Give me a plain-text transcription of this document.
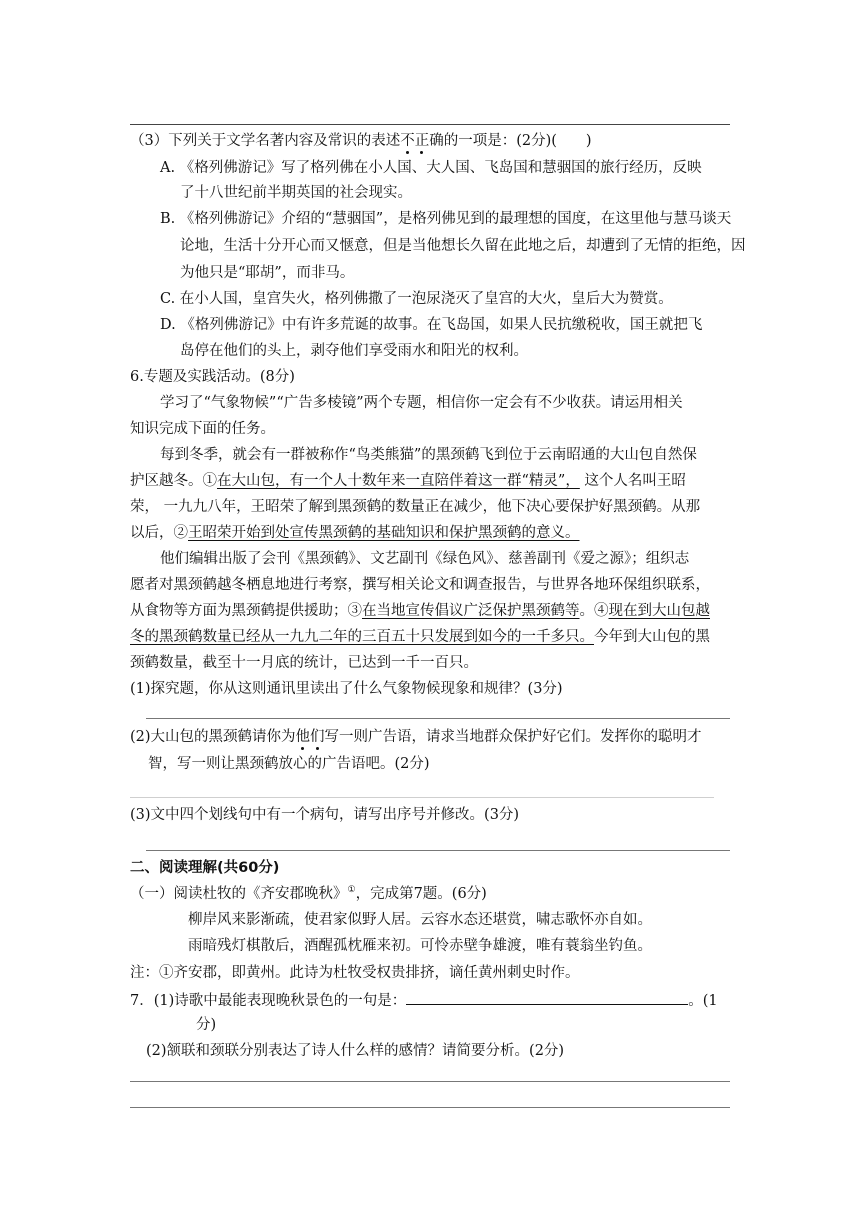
（3）下列关于文学名著内容及常识的表述不正确的一项是：(2分)(　　)
A. 《格列佛游记》写了格列佛在小人国、大人国、飞岛国和慧骃国的旅行经历，反映
了十八世纪前半期英国的社会现实。
B. 《格列佛游记》介绍的“慧骃国”，是格列佛见到的最理想的国度，在这里他与慧马谈天
论地，生活十分开心而又惬意，但是当他想长久留在此地之后，却遭到了无情的拒绝，因
为他只是“耶胡”，而非马。
C. 在小人国，皇宫失火，格列佛撒了一泡尿浇灭了皇宫的大火，皇后大为赞赏。
D. 《格列佛游记》中有许多荒诞的故事。在飞岛国，如果人民抗缴税收，国王就把飞
岛停在他们的头上，剥夺他们享受雨水和阳光的权利。
6.专题及实践活动。(8分)
学习了“气象物候”“广告多棱镜”两个专题，相信你一定会有不少收获。请运用相关
知识完成下面的任务。
每到冬季，就会有一群被称作“鸟类熊猫”的黑颈鹤飞到位于云南昭通的大山包自然保
护区越冬。①在大山包，有一个人十数年来一直陪伴着这一群“精灵”， 这个人名叫王昭
荣， 一九九八年，王昭荣了解到黑颈鹤的数量正在减少，他下决心要保护好黑颈鹤。从那
以后，②王昭荣开始到处宣传黑颈鹤的基础知识和保护黑颈鹤的意义。
他们编辑出版了会刊《黑颈鹤》、文艺副刊《绿色风》、慈善副刊《爱之源》；组织志
愿者对黑颈鹤越冬栖息地进行考察，撰写相关论文和调查报告，与世界各地环保组织联系，
从食物等方面为黑颈鹤提供援助；③在当地宣传倡议广泛保护黑颈鹤等。④现在到大山包越
冬的黑颈鹤数量已经从一九九二年的三百五十只发展到如今的一千多只。今年到大山包的黑
颈鹤数量，截至十一月底的统计，已达到一千一百只。
(1)探究题，你从这则通讯里读出了什么气象物候现象和规律？(3分)
(2)大山包的黑颈鹤请你为他们写一则广告语，请求当地群众保护好它们。发挥你的聪明才
智，写一则让黑颈鹤放心的广告语吧。(2分)
(3)文中四个划线句中有一个病句，请写出序号并修改。(3分)
二、阅读理解(共60分)
（一）阅读杜牧的《齐安郡晚秋》①，完成第7题。(6分)
柳岸风来影渐疏，使君家似野人居。云容水态还堪赏，啸志歌怀亦自如。
雨暗残灯棋散后，酒醒孤枕雁来初。可怜赤壁争雄渡，唯有蓑翁坐钓鱼。
注：①齐安郡，即黄州。此诗为杜牧受权贵排挤，谪任黄州刺史时作。
7．(1)诗歌中最能表现晚秋景色的一句是：	。(1
分)
(2)颔联和颈联分别表达了诗人什么样的感情？请简要分析。(2分)
